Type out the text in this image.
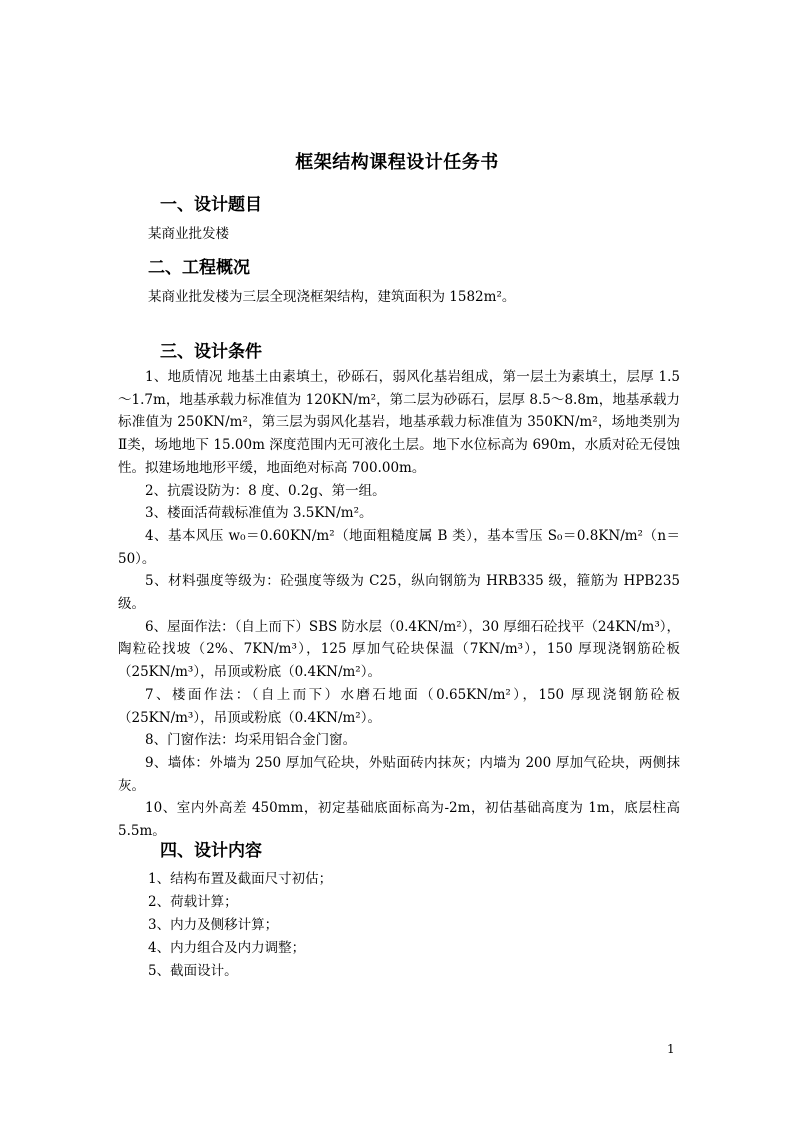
框架结构课程设计任务书
一、设计题目
某商业批发楼
二、工程概况
某商业批发楼为三层全现浇框架结构，建筑面积为 1582m²。
三、设计条件

1、地质情况 地基土由素填土，砂砾石，弱风化基岩组成，第一层土为素填土，层厚 1.5～1.7m，地基承载力标准值为 120KN/m²，第二层为砂砾石，层厚 8.5～8.8m，地基承载力标准值为 250KN/m²，第三层为弱风化基岩，地基承载力标准值为 350KN/m²，场地类别为Ⅱ类，场地地下 15.00m 深度范围内无可液化土层。地下水位标高为 690m，水质对砼无侵蚀性。拟建场地地形平缓，地面绝对标高 700.00m。

2、抗震设防为：8 度、0.2g、第一组。

3、楼面活荷载标准值为 3.5KN/m²。

4、基本风压 w₀＝0.60KN/m²（地面粗糙度属 B 类），基本雪压 S₀＝0.8KN/m²（n＝50）。

5、材料强度等级为：砼强度等级为 C25，纵向钢筋为 HRB335 级，箍筋为 HPB235 级。

6、屋面作法：（自上而下）SBS 防水层（0.4KN/m²），30 厚细石砼找平（24KN/m³），陶粒砼找坡（2%、7KN/m³），125 厚加气砼块保温（7KN/m³），150 厚现浇钢筋砼板（25KN/m³），吊顶或粉底（0.4KN/m²）。

7、楼面作法：（自上而下）水磨石地面（0.65KN/m²），150 厚现浇钢筋砼板（25KN/m³），吊顶或粉底（0.4KN/m²）。

8、门窗作法：均采用铝合金门窗。

9、墙体：外墙为 250 厚加气砼块，外贴面砖内抹灰；内墙为 200 厚加气砼块，两侧抹灰。

10、室内外高差 450mm，初定基础底面标高为-2m，初估基础高度为 1m，底层柱高 5.5m。

四、设计内容
1、结构布置及截面尺寸初估；
2、荷载计算；
3、内力及侧移计算；
4、内力组合及内力调整；
5、截面设计。
1
